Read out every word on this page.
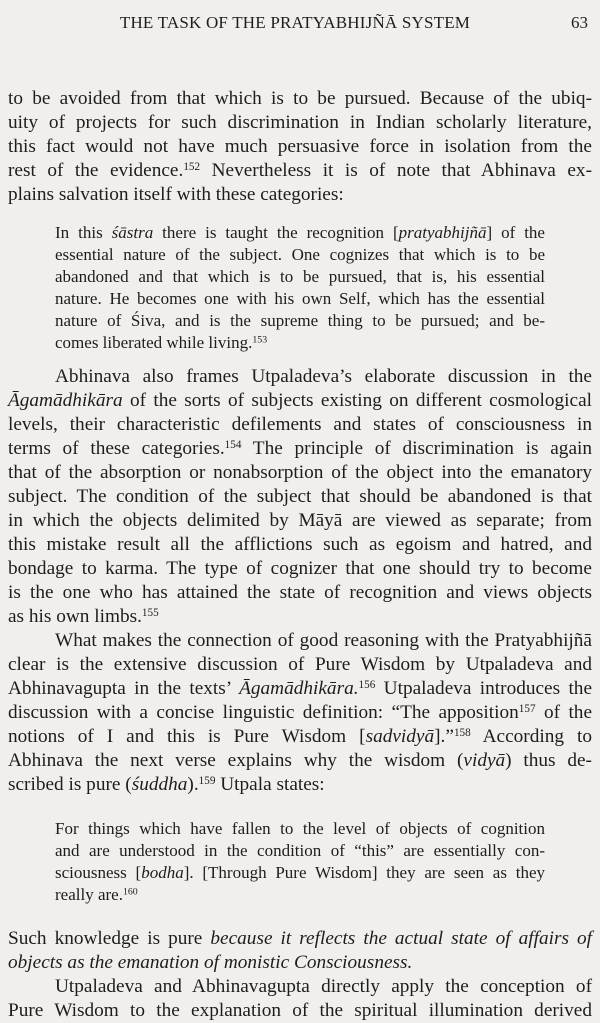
THE TASK OF THE PRATYABHIJÑĀ SYSTEM	63
to be avoided from that which is to be pursued. Because of the ubiq-
uity of projects for such discrimination in Indian scholarly literature,
this fact would not have much persuasive force in isolation from the
rest of the evidence.$^{152}$ Nevertheless it is of note that Abhinava ex-
plains salvation itself with these categories:
In this śāstra there is taught the recognition [pratyabhijñā] of the
essential nature of the subject. One cognizes that which is to be
abandoned and that which is to be pursued, that is, his essential
nature. He becomes one with his own Self, which has the essential
nature of Śiva, and is the supreme thing to be pursued; and be-
comes liberated while living.$^{153}$
Abhinava also frames Utpaladeva’s elaborate discussion in the
Āgamādhikāra of the sorts of subjects existing on different cosmological
levels, their characteristic defilements and states of consciousness in
terms of these categories.$^{154}$ The principle of discrimination is again
that of the absorption or nonabsorption of the object into the emanatory
subject. The condition of the subject that should be abandoned is that
in which the objects delimited by Māyā are viewed as separate; from
this mistake result all the afflictions such as egoism and hatred, and
bondage to karma. The type of cognizer that one should try to become
is the one who has attained the state of recognition and views objects
as his own limbs.$^{155}$
What makes the connection of good reasoning with the Pratyabhijñā
clear is the extensive discussion of Pure Wisdom by Utpaladeva and
Abhinavagupta in the texts’ Āgamādhikāra.$^{156}$ Utpaladeva introduces the
discussion with a concise linguistic definition: “The apposition$^{157}$ of the
notions of I and this is Pure Wisdom [sadvidyā].”$^{158}$ According to
Abhinava the next verse explains why the wisdom (vidyā) thus de-
scribed is pure (śuddha).$^{159}$ Utpala states:
For things which have fallen to the level of objects of cognition
and are understood in the condition of “this” are essentially con-
sciousness [bodha]. [Through Pure Wisdom] they are seen as they
really are.$^{160}$
Such knowledge is pure because it reflects the actual state of affairs of
objects as the emanation of monistic Consciousness.
Utpaladeva and Abhinavagupta directly apply the conception of
Pure Wisdom to the explanation of the spiritual illumination derived
